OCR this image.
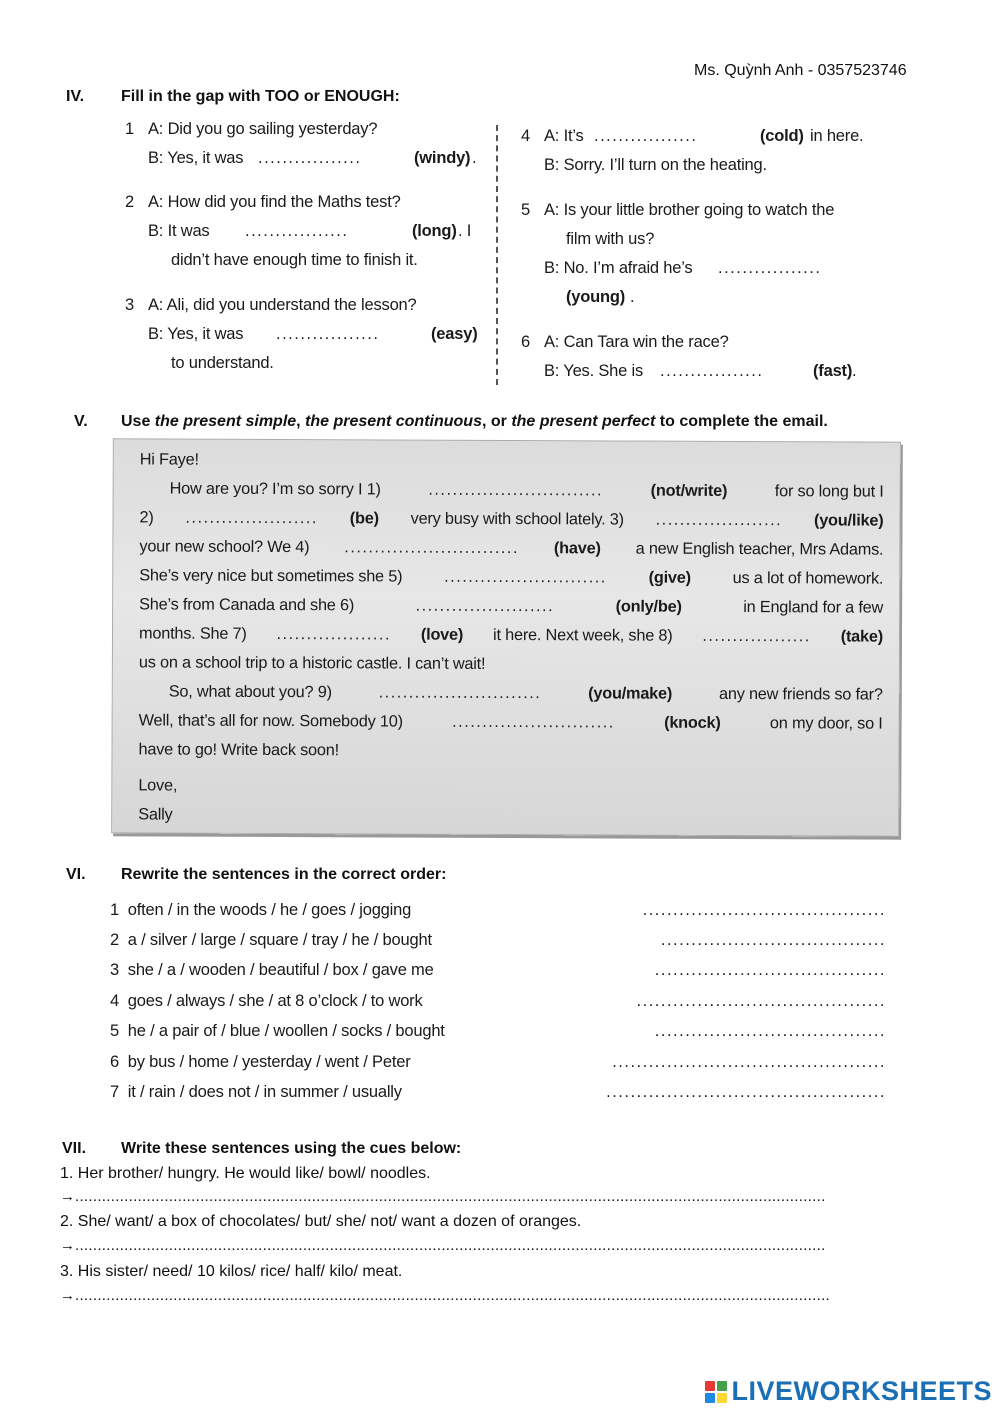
Ms. Quỳnh Anh - 0357523746
IV. Fill in the gap with TOO or ENOUGH:
1 A: Did you go sailing yesterday?
B: Yes, it was .................	(windy) .
2 A: How did you find the Maths test?
B: It was .................	(long) . I
didn’t have enough time to finish it.
3 A: Ali, did you understand the lesson?
B: Yes, it was .................	(easy)
to understand.
4 A: It’s .................	(cold) in here.
B: Sorry. I’ll turn on the heating.
5 A: Is your little brother going to watch the
film with us?
B: No. I’m afraid he’s .................
(young) .
6 A: Can Tara win the race?
B: Yes. She is .................	(fast) .
V. Use the present simple, the present continuous, or the present perfect to complete the email.
Hi Faye!
How are you? I’m so sorry I 1)	.............................	(not/write)	for so long but I
2) ...................... (be) very busy with school lately. 3) ..................... (you/like)
your new school? We 4) ............................. (have) a new English teacher, Mrs Adams.
She’s very nice but sometimes she 5)	...........................	(give)	us a lot of homework.
She’s from Canada and she 6)	.......................	(only/be)	in England for a few
months. She 7) ................... (love) it here. Next week, she 8) .................. (take)
us on a school trip to a historic castle. I can’t wait!
So, what about you? 9)	...........................	(you/make)	any new friends so far?
Well, that’s all for now. Somebody 10)	...........................	(knock)	on my door, so I
have to go! Write back soon!
Love,
Sally
VI. Rewrite the sentences in the correct order:
1 often / in the woods / he / goes / jogging	........................................
2 a / silver / large / square / tray / he / bought	.....................................
3 she / a / wooden / beautiful / box / gave me	......................................
4 goes / always / she / at 8 o’clock / to work	.........................................
5 he / a pair of / blue / woollen / socks / bought	......................................
6 by bus / home / yesterday / went / Peter	.............................................
7 it / rain / does not / in summer / usually	..............................................
VII. Write these sentences using the cues below:
1. Her brother/ hungry. He would like/ bowl/ noodles.
→........................................................................................................................................................................
2. She/ want/ a box of chocolates/ but/ she/ not/ want a dozen of oranges.
→........................................................................................................................................................................
3. His sister/ need/ 10 kilos/ rice/ half/ kilo/ meat.
→.........................................................................................................................................................................
LIVEWORKSHEETS
